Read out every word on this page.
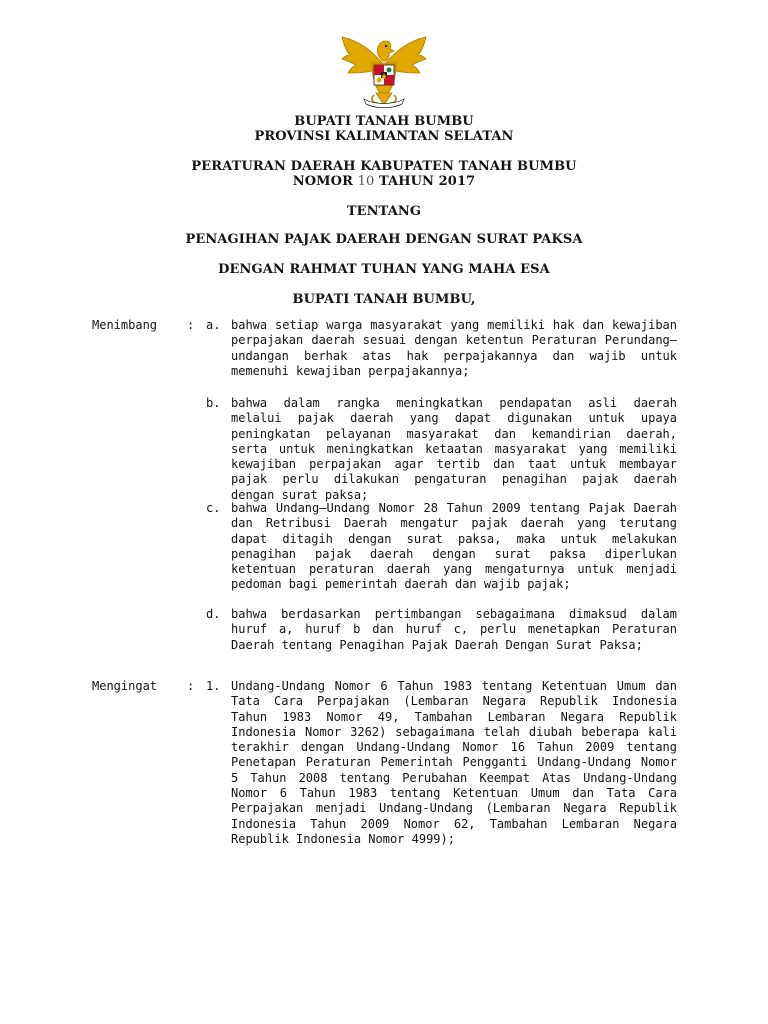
BUPATI TANAH BUMBU
PROVINSI KALIMANTAN SELATAN
PERATURAN DAERAH KABUPATEN TANAH BUMBU
NOMOR 10 TAHUN 2017
TENTANG
PENAGIHAN PAJAK DAERAH DENGAN SURAT PAKSA
DENGAN RAHMAT TUHAN YANG MAHA ESA
BUPATI TANAH BUMBU,
Menimbang : a. bahwa setiap warga masyarakat yang memiliki hak dan kewajiban perpajakan daerah sesuai dengan ketentun Peraturan Perundang–undangan berhak atas hak perpajakannya dan wajib untuk memenuhi kewajiban perpajakannya;

b. bahwa dalam rangka meningkatkan pendapatan asli daerah melalui pajak daerah yang dapat digunakan untuk upaya peningkatan pelayanan masyarakat dan kemandirian daerah, serta untuk meningkatkan ketaatan masyarakat yang memiliki kewajiban perpajakan agar tertib dan taat untuk membayar pajak perlu dilakukan pengaturan penagihan pajak daerah dengan surat paksa;

c. bahwa Undang–Undang Nomor 28 Tahun 2009 tentang Pajak Daerah dan Retribusi Daerah mengatur pajak daerah yang terutang dapat ditagih dengan surat paksa, maka untuk melakukan penagihan pajak daerah dengan surat paksa diperlukan ketentuan peraturan daerah yang mengaturnya untuk menjadi pedoman bagi pemerintah daerah dan wajib pajak;

d. bahwa berdasarkan pertimbangan sebagaimana dimaksud dalam huruf a, huruf b dan huruf c, perlu menetapkan Peraturan Daerah tentang Penagihan Pajak Daerah Dengan Surat Paksa;

Mengingat : 1. Undang-Undang Nomor 6 Tahun 1983 tentang Ketentuan Umum dan Tata Cara Perpajakan (Lembaran Negara Republik Indonesia Tahun 1983 Nomor 49, Tambahan Lembaran Negara Republik Indonesia Nomor 3262) sebagaimana telah diubah beberapa kali terakhir dengan Undang-Undang Nomor 16 Tahun 2009 tentang Penetapan Peraturan Pemerintah Pengganti Undang-Undang Nomor 5 Tahun 2008 tentang Perubahan Keempat Atas Undang-Undang Nomor 6 Tahun 1983 tentang Ketentuan Umum dan Tata Cara Perpajakan menjadi Undang-Undang (Lembaran Negara Republik Indonesia Tahun 2009 Nomor 62, Tambahan Lembaran Negara Republik Indonesia Nomor 4999);
